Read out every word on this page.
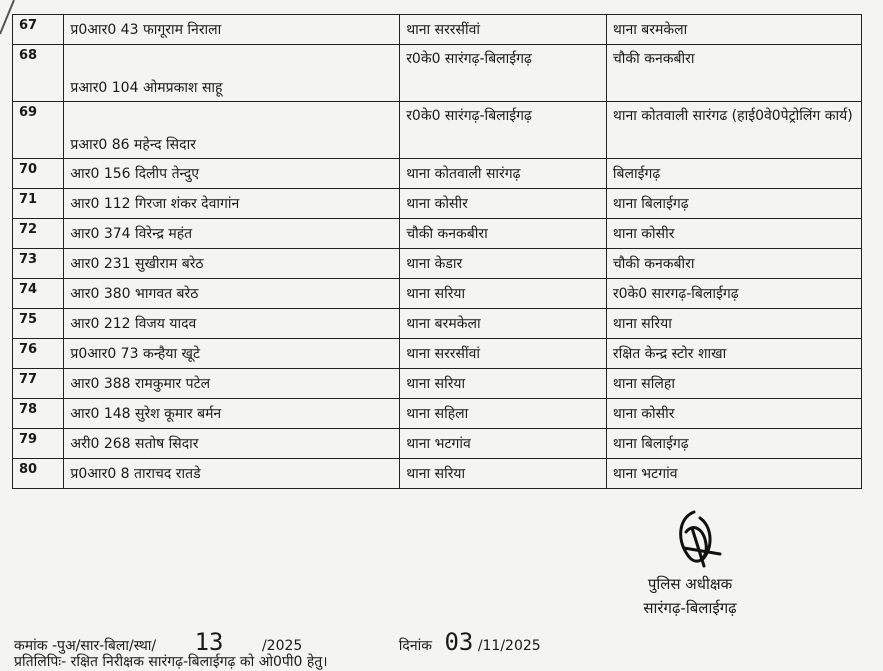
67	प्र0आर0 43 फागूराम निराला	थाना सररसींवां	थाना बरमकेला
68	प्रआर0 104 ओमप्रकाश साहू	र0के0 सारंगढ़-बिलाईगढ़	चौकी कनकबीरा
69	प्रआर0 86 महेन्द सिदार	र0के0 सारंगढ़-बिलाईगढ़	थाना कोतवाली सारंगढ (हाई0वे0पेट्रोलिंग कार्य)
70	आर0 156 दिलीप तेन्दुए	थाना कोतवाली सारंगढ़	बिलाईगढ़
71	आर0 112 गिरजा शंकर देवागांन	थाना कोसीर	थाना बिलाईगढ़
72	आर0 374 विरेन्द्र महंत	चौकी कनकबीरा	थाना कोसीर
73	आर0 231 सुखीराम बरेठ	थाना केडार	चौकी कनकबीरा
74	आर0 380 भागवत बरेठ	थाना सरिया	र0के0 सारगढ़-बिलाईगढ़
75	आर0 212 विजय यादव	थाना बरमकेला	थाना सरिया
76	प्र0आर0 73 कन्हैया खूटे	थाना सररसींवां	रक्षित केन्द्र स्टोर शाखा
77	आर0 388 रामकुमार पटेल	थाना सरिया	थाना सलिहा
78	आर0 148 सुरेश कूमार बर्मन	थाना सहिला	थाना कोसीर
79	अरी0 268 सतोष सिदार	थाना भटगांव	थाना बिलाईगढ़
80	प्र0आर0 8 ताराचद रातडे	थाना सरिया	थाना भटगांव
पुलिस अधीक्षक
सारंगढ़-बिलाईगढ़
कमांक -पुअ/सार-बिला/स्था/ 13	/2025	दिनांक 03 /11/2025
प्रतिलिपिः- रक्षित निरीक्षक सारंगढ़-बिलाईगढ़ को ओ0पी0 हेतु।
